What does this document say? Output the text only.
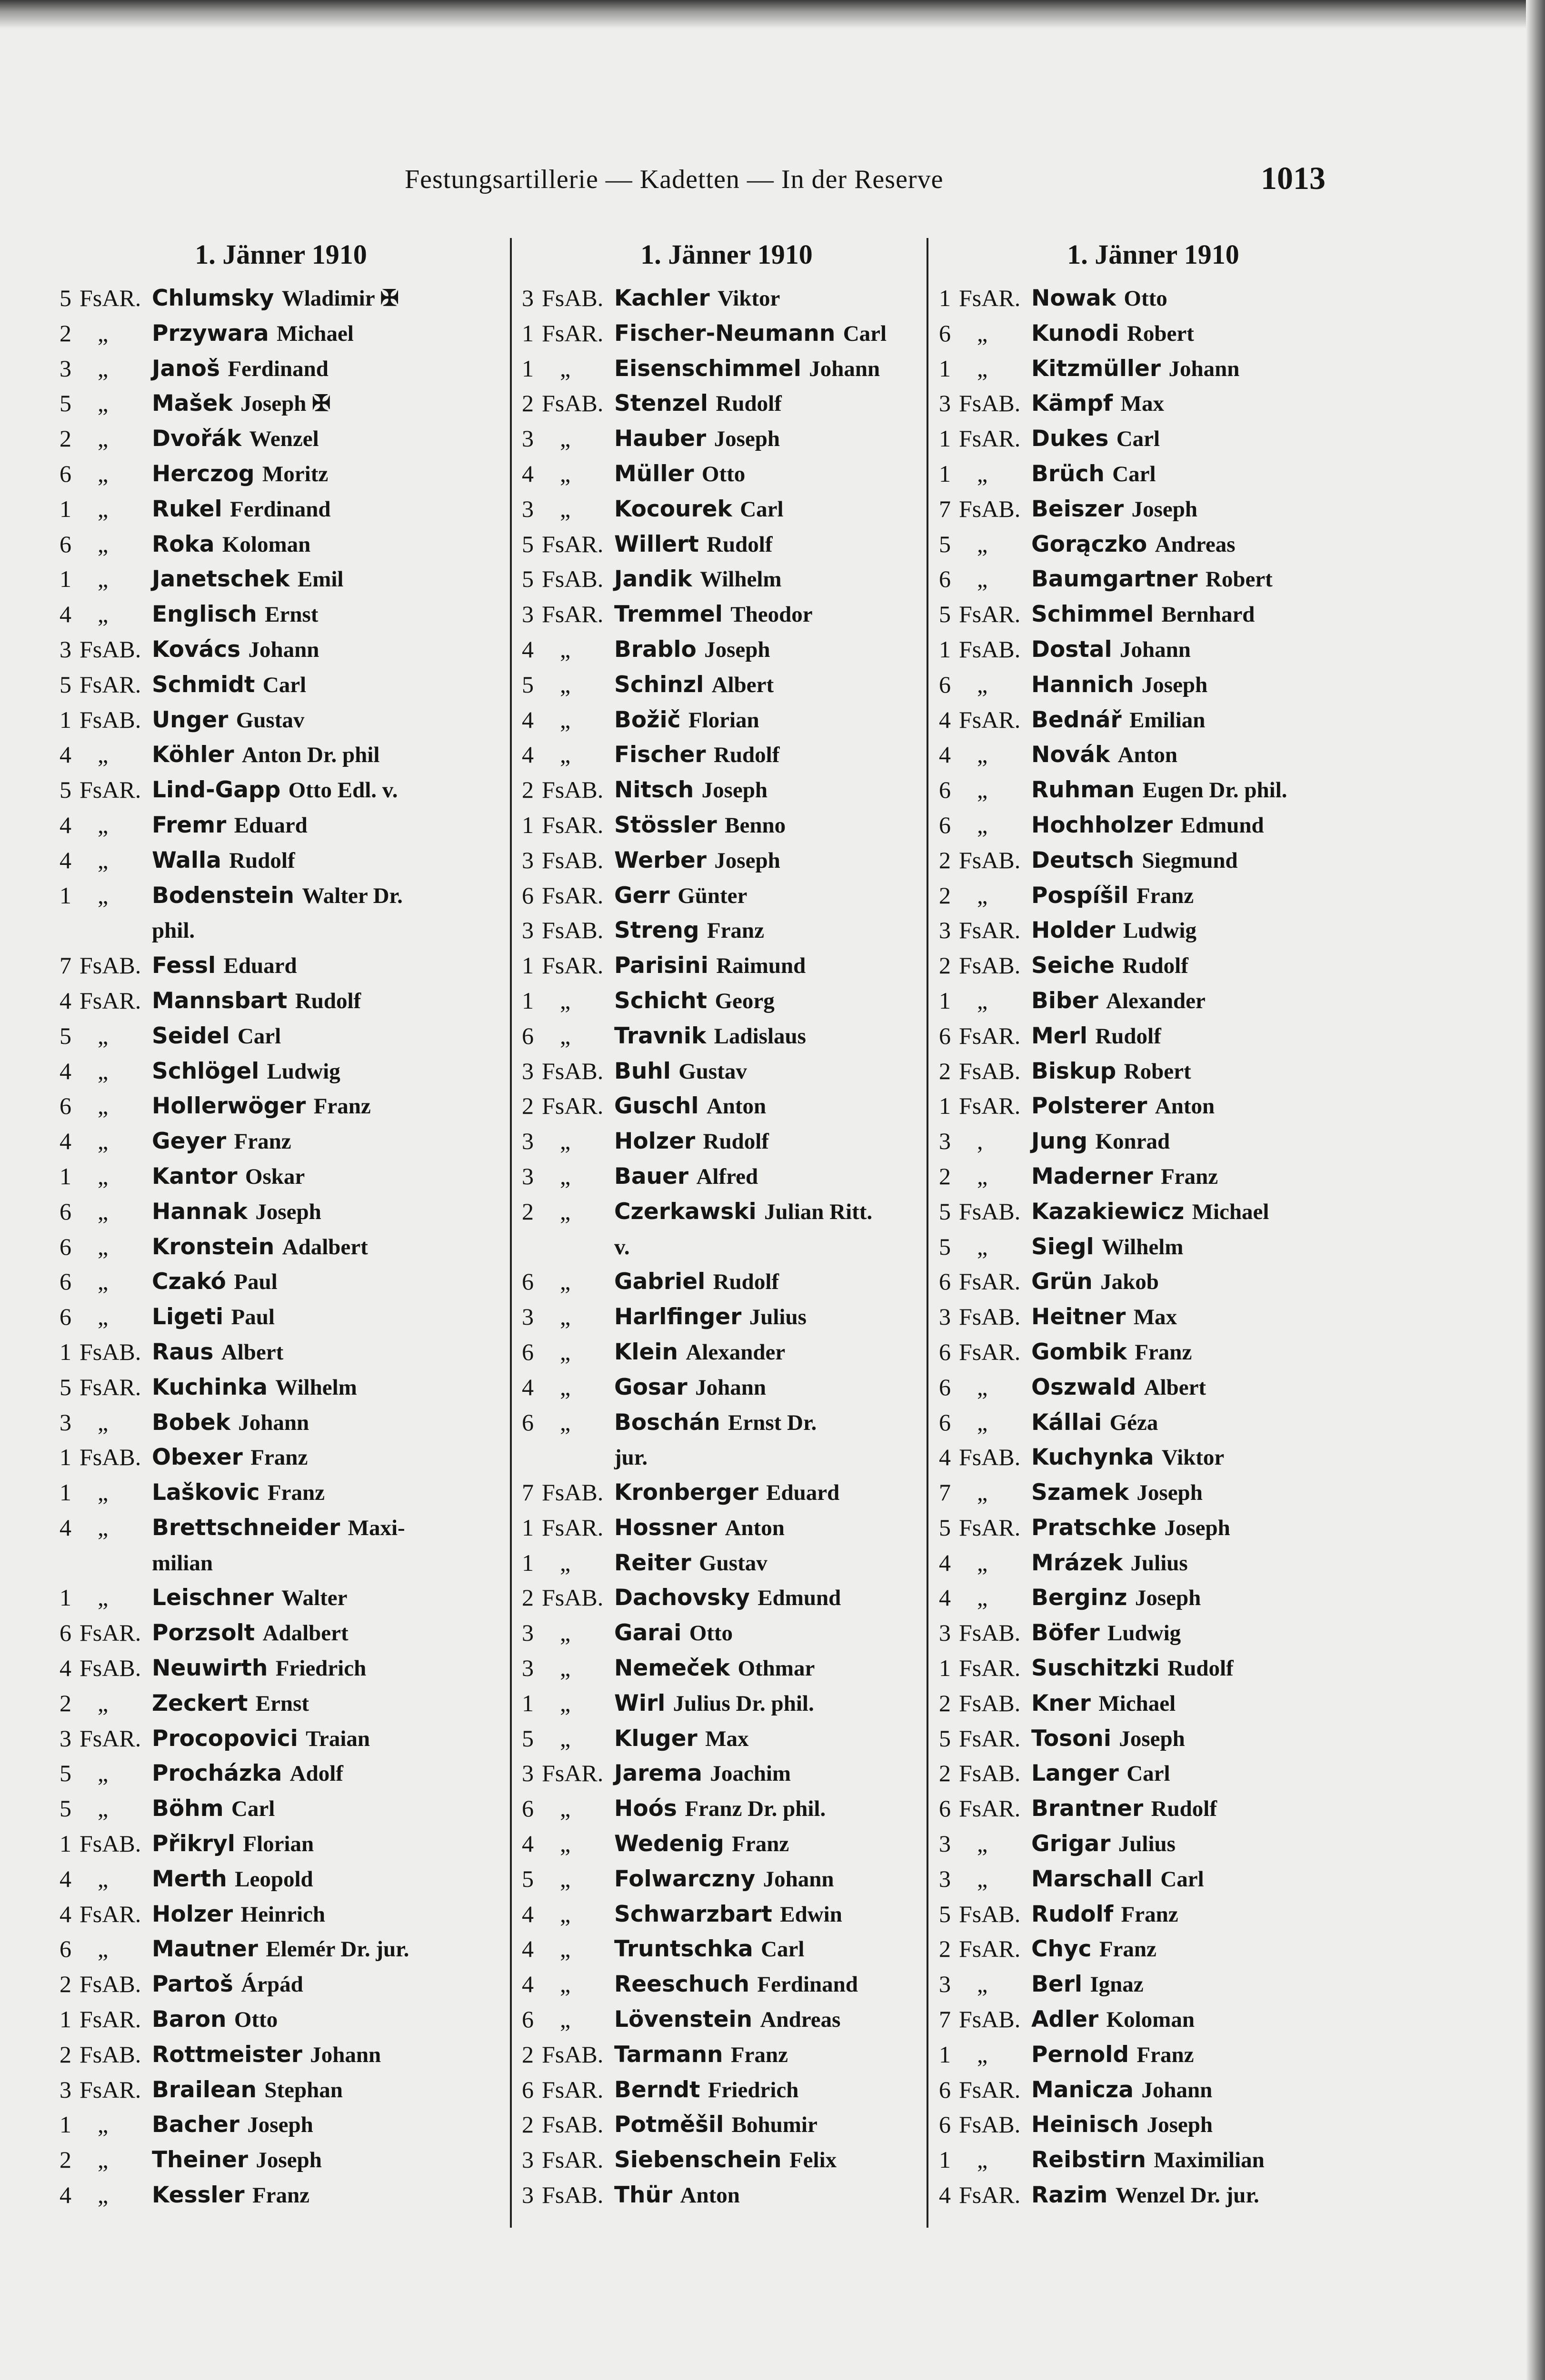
Festungsartillerie — Kadetten — In der Reserve	1013
1. Jänner 1910
5 FsAR. Chlumsky Wladimir ✠
2	„	Przywara Michael
3	„	Janoš Ferdinand
5	„	Mašek Joseph ✠
2	„	Dvořák Wenzel
6	„	Herczog Moritz
1	„	Rukel Ferdinand
6	„	Roka Koloman
1	„	Janetschek Emil
4	„	Englisch Ernst
3 FsAB. Kovács Johann
5 FsAR. Schmidt Carl
1 FsAB. Unger Gustav
4	„	Köhler Anton Dr. phil
5 FsAR. Lind-Gapp Otto Edl. v.
4	„	Fremr Eduard
4	„	Walla Rudolf
1	„	Bodenstein Walter Dr.
phil.
7 FsAB. Fessl Eduard
4 FsAR. Mannsbart Rudolf
5	„	Seidel Carl
4	„	Schlögel Ludwig
6	„	Hollerwöger Franz
4	„	Geyer Franz
1	„	Kantor Oskar
6	„	Hannak Joseph
6	„	Kronstein Adalbert
6	„	Czakó Paul
6	„	Ligeti Paul
1 FsAB. Raus Albert
5 FsAR. Kuchinka Wilhelm
3	„	Bobek Johann
1 FsAB. Obexer Franz
1	„	Laškovic Franz
4	„	Brettschneider Maxi-
milian
1	„	Leischner Walter
6 FsAR. Porzsolt Adalbert
4 FsAB. Neuwirth Friedrich
2	„	Zeckert Ernst
3 FsAR. Procopovici Traian
5	„	Procházka Adolf
5	„	Böhm Carl
1 FsAB. Přikryl Florian
4	„	Merth Leopold
4 FsAR. Holzer Heinrich
6	„	Mautner Elemér Dr. jur.
2 FsAB. Partoš Árpád
1 FsAR. Baron Otto
2 FsAB. Rottmeister Johann
3 FsAR. Brailean Stephan
1	„	Bacher Joseph
2	„	Theiner Joseph
4	„	Kessler Franz
1. Jänner 1910
3 FsAB. Kachler Viktor
1 FsAR. Fischer-Neumann Carl
1	„	Eisenschimmel Johann
2 FsAB. Stenzel Rudolf
3	„	Hauber Joseph
4	„	Müller Otto
3	„	Kocourek Carl
5 FsAR. Willert Rudolf
5 FsAB. Jandik Wilhelm
3 FsAR. Tremmel Theodor
4	„	Brablo Joseph
5	„	Schinzl Albert
4	„	Božič Florian
4	„	Fischer Rudolf
2 FsAB. Nitsch Joseph
1 FsAR. Stössler Benno
3 FsAB. Werber Joseph
6 FsAR. Gerr Günter
3 FsAB. Streng Franz
1 FsAR. Parisini Raimund
1	„	Schicht Georg
6	„	Travnik Ladislaus
3 FsAB. Buhl Gustav
2 FsAR. Guschl Anton
3	„	Holzer Rudolf
3	„	Bauer Alfred
2	„	Czerkawski Julian Ritt.
v.
6	„	Gabriel Rudolf
3	„	Harlfinger Julius
6	„	Klein Alexander
4	„	Gosar Johann
6	„	Boschán Ernst Dr.
jur.
7 FsAB. Kronberger Eduard
1 FsAR. Hossner Anton
1	„	Reiter Gustav
2 FsAB. Dachovsky Edmund
3	„	Garai Otto
3	„	Nemeček Othmar
1	„	Wirl Julius Dr. phil.
5	„	Kluger Max
3 FsAR. Jarema Joachim
6	„	Hoós Franz Dr. phil.
4	„	Wedenig Franz
5	„	Folwarczny Johann
4	„	Schwarzbart Edwin
4	„	Truntschka Carl
4	„	Reeschuch Ferdinand
6	„	Lövenstein Andreas
2 FsAB. Tarmann Franz
6 FsAR. Berndt Friedrich
2 FsAB. Potměšil Bohumir
3 FsAR. Siebenschein Felix
3 FsAB. Thür Anton
1. Jänner 1910
1 FsAR. Nowak Otto
6	„	Kunodi Robert
1	„	Kitzmüller Johann
3 FsAB. Kämpf Max
1 FsAR. Dukes Carl
1	„	Brüch Carl
7 FsAB. Beiszer Joseph
5	„	Gorączko Andreas
6	„	Baumgartner Robert
5 FsAR. Schimmel Bernhard
1 FsAB. Dostal Johann
6	„	Hannich Joseph
4 FsAR. Bednář Emilian
4	„	Novák Anton
6	„	Ruhman Eugen Dr. phil.
6	„	Hochholzer Edmund
2 FsAB. Deutsch Siegmund
2	„	Pospíšil Franz
3 FsAR. Holder Ludwig
2 FsAB. Seiche Rudolf
1	„	Biber Alexander
6 FsAR. Merl Rudolf
2 FsAB. Biskup Robert
1 FsAR. Polsterer Anton
3	,	Jung Konrad
2	„	Maderner Franz
5 FsAB. Kazakiewicz Michael
5	„	Siegl Wilhelm
6 FsAR. Grün Jakob
3 FsAB. Heitner Max
6 FsAR. Gombik Franz
6	„	Oszwald Albert
6	„	Kállai Géza
4 FsAB. Kuchynka Viktor
7	„	Szamek Joseph
5 FsAR. Pratschke Joseph
4	„	Mrázek Julius
4	„	Berginz Joseph
3 FsAB. Böfer Ludwig
1 FsAR. Suschitzki Rudolf
2 FsAB. Kner Michael
5 FsAR. Tosoni Joseph
2 FsAB. Langer Carl
6 FsAR. Brantner Rudolf
3	„	Grigar Julius
3	„	Marschall Carl
5 FsAB. Rudolf Franz
2 FsAR. Chyc Franz
3	„	Berl Ignaz
7 FsAB. Adler Koloman
1	„	Pernold Franz
6 FsAR. Manicza Johann
6 FsAB. Heinisch Joseph
1	„	Reibstirn Maximilian
4 FsAR. Razim Wenzel Dr. jur.
